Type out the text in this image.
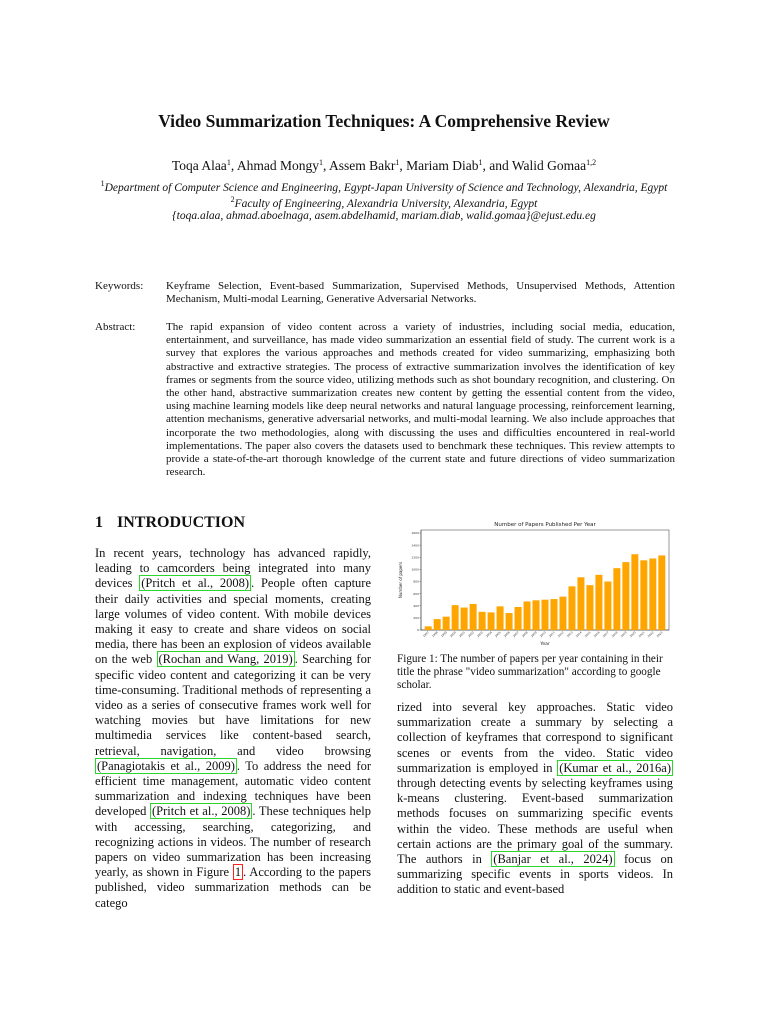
Video Summarization Techniques: A Comprehensive Review
Toqa Alaa$^1$, Ahmad Mongy$^1$, Assem Bakr$^1$, Mariam Diab$^1$, and Walid Gomaa$^{1,2}$
$^1$Department of Computer Science and Engineering, Egypt-Japan University of Science and Technology, Alexandria, Egypt
$^2$Faculty of Engineering, Alexandria University, Alexandria, Egypt
{toqa.alaa, ahmad.aboelnaga, asem.abdelhamid, mariam.diab, walid.gomaa}@ejust.edu.eg
Keywords:	Keyframe Selection, Event-based Summarization, Supervised Methods, Unsupervised Methods, Attention Mechanism, Multi-modal Learning, Generative Adversarial Networks.
Abstract:	The rapid expansion of video content across a variety of industries, including social media, education, entertainment, and surveillance, has made video summarization an essential field of study. The current work is a survey that explores the various approaches and methods created for video summarizing, emphasizing both abstractive and extractive strategies. The process of extractive summarization involves the identification of key frames or segments from the source video, utilizing methods such as shot boundary recognition, and clustering. On the other hand, abstractive summarization creates new content by getting the essential content from the video, using machine learning models like deep neural networks and natural language processing, reinforcement learning, attention mechanisms, generative adversarial networks, and multi-modal learning. We also include approaches that incorporate the two methodologies, along with discussing the uses and difficulties encountered in real-world implementations. The paper also covers the datasets used to benchmark these techniques. This review attempts to provide a state-of-the-art thorough knowledge of the current state and future directions of video summarization research.
1 INTRODUCTION
In recent years, technology has advanced rapidly, leading to camcorders being integrated into many devices (Pritch et al., 2008) . People often capture their daily activities and special moments, creating large volumes of video content. With mobile devices making it easy to create and share videos on social media, there has been an explosion of videos available on the web (Rochan and Wang, 2019) . Searching for specific video content and categorizing it can be very time-consuming. Traditional methods of representing a video as a series of consecutive frames work well for watching movies but have limitations for new multimedia services like content-based search, retrieval, navigation, and video browsing (Panagiotakis et al., 2009) . To address the need for efficient time management, automatic video content summarization and indexing techniques have been developed (Pritch et al., 2008) . These techniques help with accessing, searching, categorizing, and recognizing actions in videos. The number of research papers on video summarization has been increasing yearly, as shown in Figure 1 . According to the papers published, video summarization methods can be catego
Number of Papers Published Per Year
Year
Number of papers
0
200
400
600
800
1000
1200
1400
1600
1997 1998 1999 2000 2001 2002 2003 2004 2005 2006 2007 2008 2009 2010 2011 2012 2013 2014 2015 2016 2017 2018 2019 2020 2021 2022 2023
Figure 1: The number of papers per year containing in their title the phrase "video summarization" according to google scholar.
rized into several key approaches. Static video summarization create a summary by selecting a collection of keyframes that correspond to significant scenes or events from the video. Static video summarization is employed in (Kumar et al., 2016a) through detecting events by selecting keyframes using k-means clustering. Event-based summarization methods focuses on summarizing specific events within the video. These methods are useful when certain actions are the primary goal of the summary. The authors in (Banjar et al., 2024) focus on summarizing specific events in sports videos. In addition to static and event-based
